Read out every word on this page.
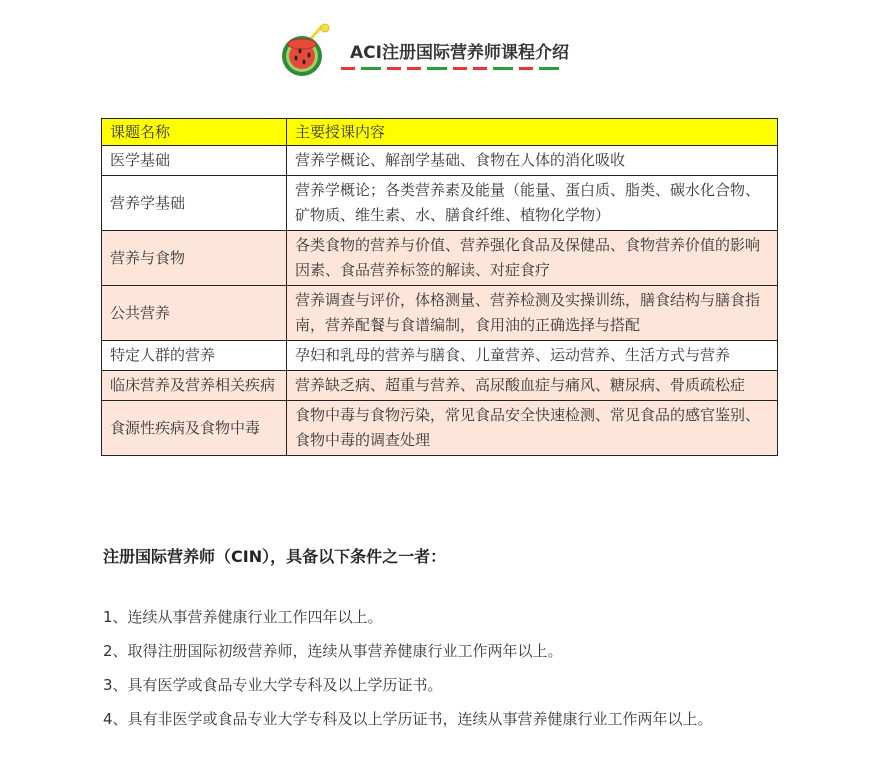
ACI注册国际营养师课程介绍
课题名称	主要授课内容
医学基础	营养学概论、解剖学基础、食物在人体的消化吸收
营养学基础	营养学概论；各类营养素及能量（能量、蛋白质、脂类、碳水化合物、矿物质、维生素、水、膳食纤维、植物化学物）
营养与食物	各类食物的营养与价值、营养强化食品及保健品、食物营养价值的影响因素、食品营养标签的解读、对症食疗
公共营养	营养调查与评价，体格测量、营养检测及实操训练，膳食结构与膳食指南，营养配餐与食谱编制，食用油的正确选择与搭配
特定人群的营养	孕妇和乳母的营养与膳食、儿童营养、运动营养、生活方式与营养
临床营养及营养相关疾病	营养缺乏病、超重与营养、高尿酸血症与痛风、糖尿病、骨质疏松症
食源性疾病及食物中毒	食物中毒与食物污染，常见食品安全快速检测、常见食品的感官鉴别、食物中毒的调查处理
注册国际营养师（CIN），具备以下条件之一者：

1、连续从事营养健康行业工作四年以上。

2、取得注册国际初级营养师，连续从事营养健康行业工作两年以上。

3、具有医学或食品专业大学专科及以上学历证书。

4、具有非医学或食品专业大学专科及以上学历证书，连续从事营养健康行业工作两年以上。
